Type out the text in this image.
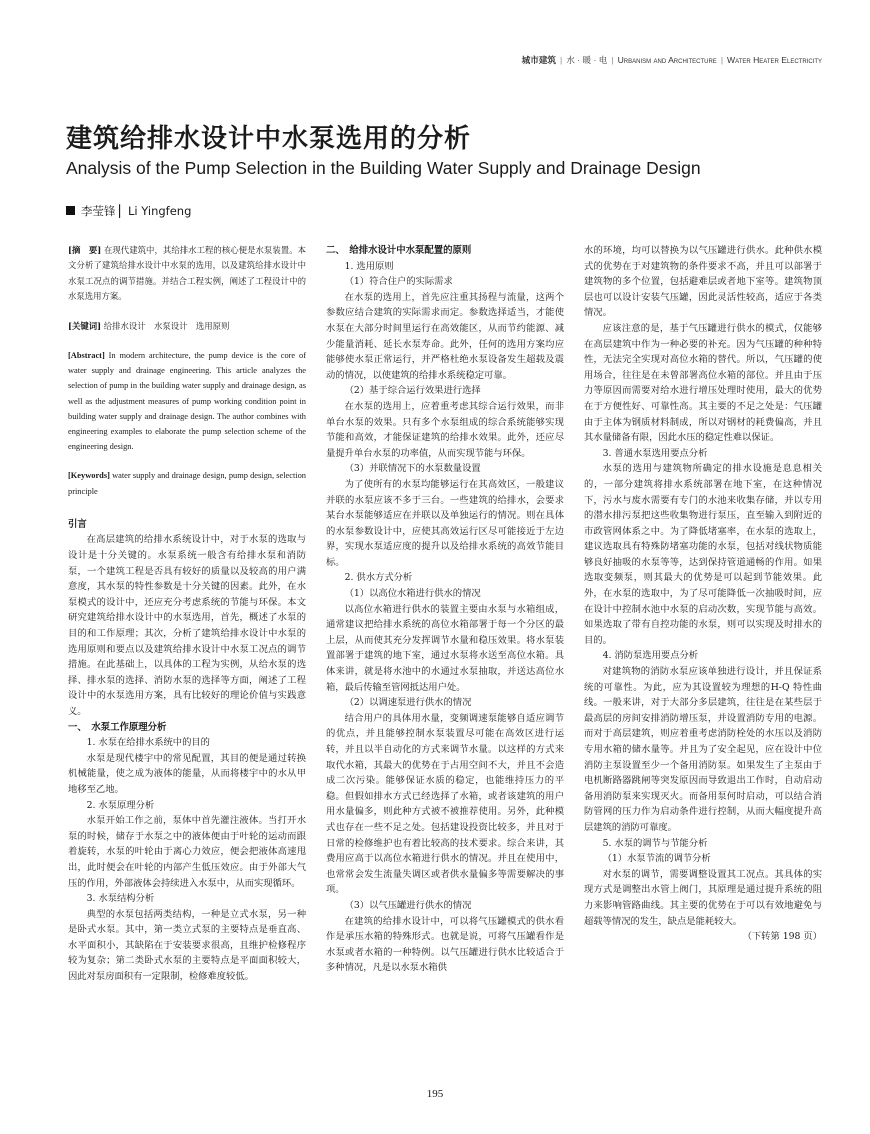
城市建筑 | 水 · 暖 · 电 | Urbanism and Architecture | Water Heater Electricity
建筑给排水设计中水泵选用的分析
Analysis of the Pump Selection in the Building Water Supply and Drainage Design
李莹锋 ▏Li Yingfeng

[摘　要] 在现代建筑中，其给排水工程的核心便是水泵装置。本文分析了建筑给排水设计中水泵的选用，以及建筑给排水设计中水泵工况点的调节措施。并结合工程实例，阐述了工程设计中的水泵选用方案。

[关键词] 给排水设计　水泵设计　选用原则

[Abstract] In modern architecture, the pump device is the core of water supply and drainage engineering. This article analyzes the selection of pump in the building water supply and drainage design, as well as the adjustment measures of pump working condition point in building water supply and drainage design. The author combines with engineering examples to elaborate the pump selection scheme of the engineering design.

[Keywords] water supply and drainage design, pump design, selection principle

引言

在高层建筑的给排水系统设计中，对于水泵的选取与设计是十分关键的。水泵系统一般含有给排水泵和消防泵，一个建筑工程是否具有较好的质量以及较高的用户满意度，其水泵的特性参数是十分关键的因素。此外，在水泵模式的设计中，还应充分考虑系统的节能与环保。本文研究建筑给排水设计中的水泵选用，首先，概述了水泵的目的和工作原理；其次，分析了建筑给排水设计中水泵的选用原则和要点以及建筑给排水设计中水泵工况点的调节措施。在此基础上，以具体的工程为实例，从给水泵的选择、排水泵的选择、消防水泵的选择等方面，阐述了工程设计中的水泵选用方案，具有比较好的理论价值与实践意义。

一、　水泵工作原理分析

1. 水泵在给排水系统中的目的

水泵是现代楼宇中的常见配置，其目的便是通过转换机械能量，使之成为液体的能量，从而将楼宇中的水从甲地移至乙地。

2. 水泵原理分析

水泵开始工作之前，泵体中首先灌注液体。当打开水泵的时候，储存于水泵之中的液体便由于叶轮的运动而跟着旋转，水泵的叶轮由于离心力效应，便会把液体高速甩出，此时便会在叶轮的内部产生低压效应。由于外部大气压的作用，外部液体会持续进入水泵中，从而实现循环。

3. 水泵结构分析

典型的水泵包括两类结构，一种是立式水泵，另一种是卧式水泵。其中，第一类立式泵的主要特点是垂直高、水平面积小，其缺陷在于安装要求很高，且维护检修程序较为复杂；第二类卧式水泵的主要特点是平面面积较大，因此对泵房面积有一定限制，检修难度较低。

二、　给排水设计中水泵配置的原则

1. 选用原则

（1）符合住户的实际需求

在水泵的选用上，首先应注重其扬程与流量，这两个参数应结合建筑的实际需求而定。参数选择适当，才能使水泵在大部分时间里运行在高效能区，从而节约能源、减少能量消耗、延长水泵寿命。此外，任何的选用方案均应能够使水泵正常运行，并严格杜绝水泵设备发生超载及震动的情况，以使建筑的给排水系统稳定可靠。

（2）基于综合运行效果进行选择

在水泵的选用上，应着重考虑其综合运行效果，而非单台水泵的效果。只有多个水泵组成的综合系统能够实现节能和高效，才能保证建筑的给排水效果。此外，还应尽量提升单台水泵的功率值，从而实现节能与环保。

（3）并联情况下的水泵数量设置

为了使所有的水泵均能够运行在其高效区，一般建议并联的水泵应该不多于三台。一些建筑的给排水，会要求某台水泵能够适应在并联以及单独运行的情况。则在具体的水泵参数设计中，应使其高效运行区尽可能接近于左边界，实现水泵适应度的提升以及给排水系统的高效节能目标。

2. 供水方式分析

（1）以高位水箱进行供水的情况

以高位水箱进行供水的装置主要由水泵与水箱组成，通常建议把给排水系统的高位水箱部署于每一个分区的最上层，从而使其充分发挥调节水量和稳压效果。将水泵装置部署于建筑的地下室，通过水泵将水送至高位水箱。具体来讲，就是将水池中的水通过水泵抽取，并送达高位水箱，最后传输至管网抵达用户处。

（2）以调速泵进行供水的情况

结合用户的具体用水量，变频调速泵能够自适应调节的优点，并且能够控制水泵装置尽可能在高效区进行运转，并且以半自动化的方式来调节水量。以这样的方式来取代水箱，其最大的优势在于占用空间不大，并且不会造成二次污染。能够保证水质的稳定，也能维持压力的平稳。但假如排水方式已经选择了水箱，或者该建筑的用户用水量偏多，则此种方式被不被推荐使用。另外，此种模式也存在一些不足之处。包括建设投资比较多，并且对于日常的检修维护也有着比较高的技术要求。综合来讲，其费用应高于以高位水箱进行供水的情况。并且在使用中，也常常会发生流量失调区或者供水量偏多等需要解决的事项。

（3）以气压罐进行供水的情况

在建筑的给排水设计中，可以将气压罐模式的供水看作是承压水箱的特殊形式。也就是说，可将气压罐看作是水泵或者水箱的一种特例。以气压罐进行供水比较适合于多种情况，凡是以水泵水箱供

水的环境，均可以替换为以气压罐进行供水。此种供水模式的优势在于对建筑物的条件要求不高，并且可以部署于建筑物的多个位置，包括避难层或者地下室等。建筑物顶层也可以设计安装气压罐，因此灵活性较高，适应于各类情况。

应该注意的是，基于气压罐进行供水的模式，仅能够在高层建筑中作为一种必要的补充。因为气压罐的种种特性，无法完全实现对高位水箱的替代。所以，气压罐的使用场合，往往是在未曾部署高位水箱的部位。并且由于压力等原因而需要对给水进行增压处理时使用，最大的优势在于方便性好、可靠性高。其主要的不足之处是：气压罐由于主体为钢质材料制成，所以对钢材的耗费偏高，并且其水量储备有限，因此水压的稳定性难以保证。

3. 普通水泵选用要点分析

水泵的选用与建筑物所确定的排水设施是息息相关的，一部分建筑将排水系统部署在地下室，在这种情况下，污水与废水需要有专门的水池来收集存储，并以专用的潜水排污泵把这些收集物进行泵压，直至输入到附近的市政管网体系之中。为了降低堵塞率，在水泵的选取上，建议选取具有特殊防堵塞功能的水泵，包括对线状物质能够良好抽吸的水泵等等，达到保持管道通畅的作用。如果选取变频泵，则其最大的优势是可以起到节能效果。此外，在水泵的选取中，为了尽可能降低一次抽吸时间，应在设计中控制水池中水泵的启动次数，实现节能与高效。如果选取了带有自控功能的水泵，则可以实现及时排水的目的。

4. 消防泵选用要点分析

对建筑物的消防水泵应该单独进行设计，并且保证系统的可靠性。为此，应为其设置较为理想的H-Q 特性曲线。一般来讲，对于大部分多层建筑，往往是在某些层于最高层的房间安排消防增压泵，并设置消防专用的电源。而对于高层建筑，则应着重考虑消防栓处的水压以及消防专用水箱的储水量等。并且为了安全起见，应在设计中位消防主泵设置至少一个备用消防泵。如果发生了主泵由于电机断路器跳闸等突发原因而导致退出工作时，自动启动备用消防泵来实现灭火。而备用泵何时启动，可以结合消防管网的压力作为启动条件进行控制，从而大幅度提升高层建筑的消防可靠度。

5. 水泵的调节与节能分析

（1）水泵节流的调节分析

对水泵的调节，需要调整设置其工况点。其具体的实现方式是调整出水管上阀门，其原理是通过提升系统的阻力来影响管路曲线。其主要的优势在于可以有效地避免与超载等情况的发生，缺点是能耗较大。

（下转第 198 页）

195
